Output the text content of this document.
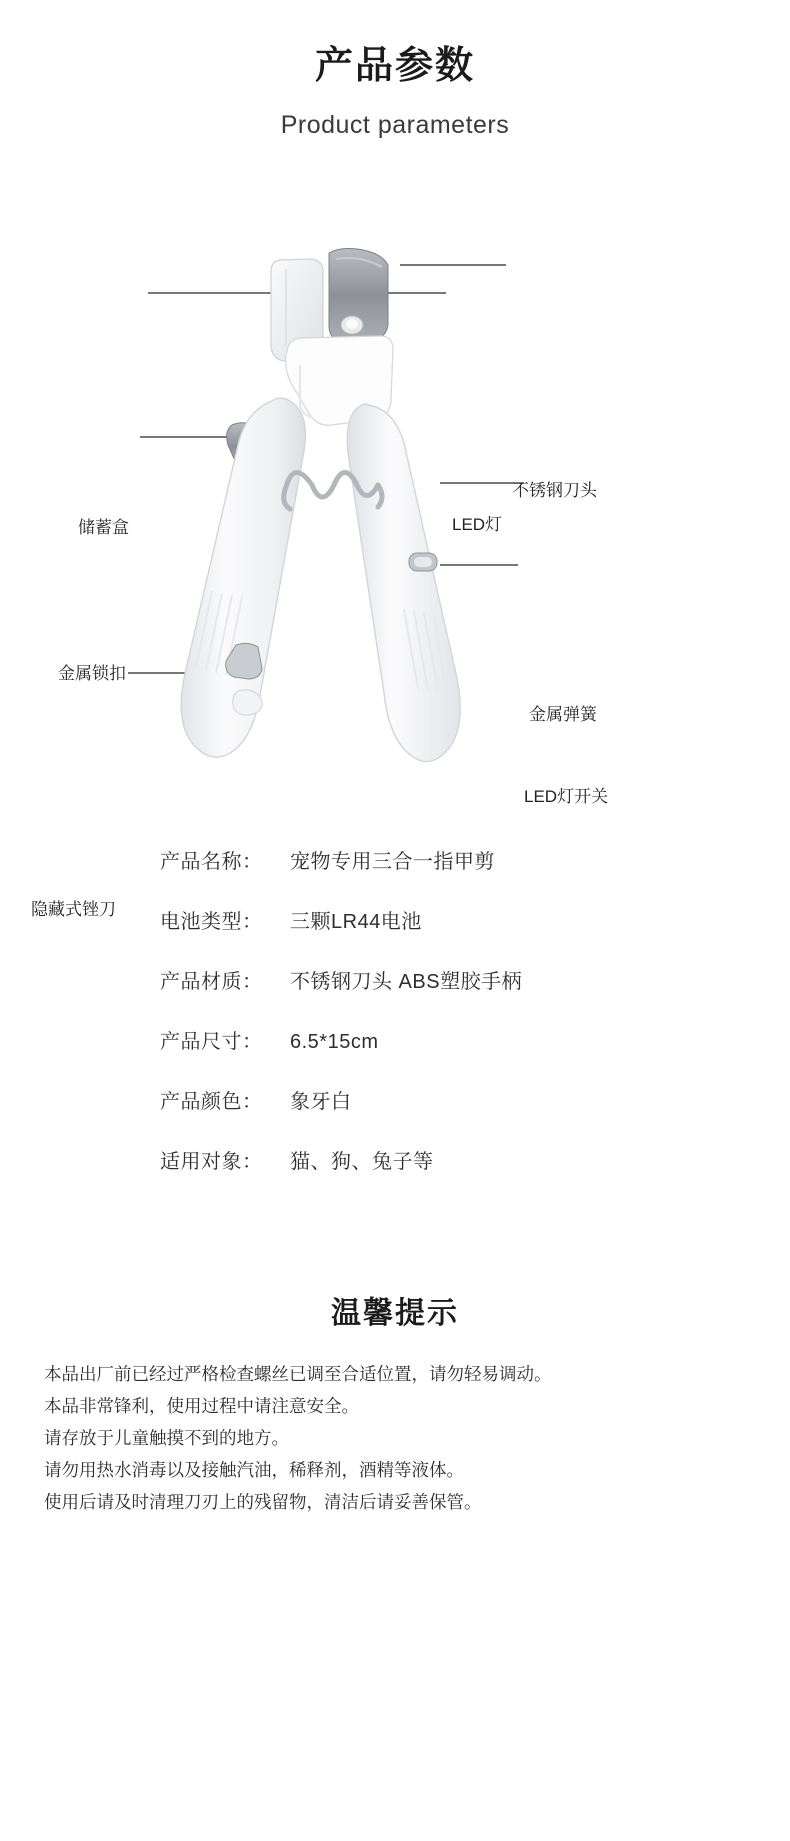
产品参数
Product parameters
储蓄盒
金属锁扣
隐藏式锉刀
不锈钢刀头
LED灯
金属弹簧
LED灯开关
产品名称：	宠物专用三合一指甲剪
电池类型：	三颗LR44电池
产品材质：	不锈钢刀头 ABS塑胶手柄
产品尺寸：	6.5*15cm
产品颜色：	象牙白
适用对象：	猫、狗、兔子等
温馨提示
本品出厂前已经过严格检查螺丝已调至合适位置，请勿轻易调动。
本品非常锋利，使用过程中请注意安全。
请存放于儿童触摸不到的地方。
请勿用热水消毒以及接触汽油，稀释剂，酒精等液体。
使用后请及时清理刀刃上的残留物，清洁后请妥善保管。
